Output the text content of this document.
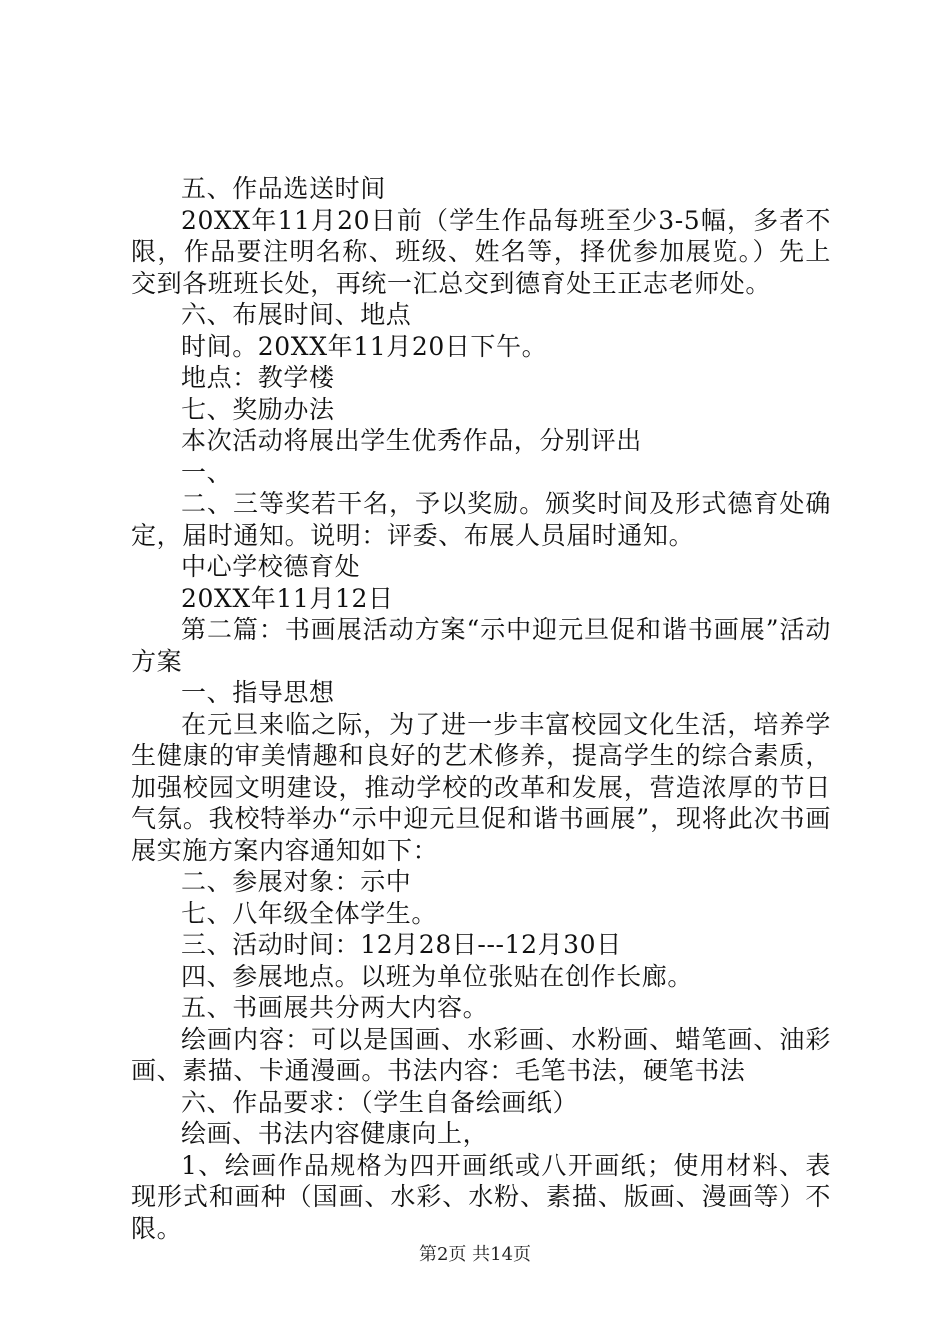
五、作品选送时间

20XX年11月20日前（学生作品每班至少3-5幅，多者不限，作品要注明名称、班级、姓名等，择优参加展览。）先上交到各班班长处，再统一汇总交到德育处王正志老师处。

六、布展时间、地点

时间。20XX年11月20日下午。

地点：教学楼

七、奖励办法

本次活动将展出学生优秀作品，分别评出

一、

二、三等奖若干名，予以奖励。颁奖时间及形式德育处确定，届时通知。说明：评委、布展人员届时通知。

中心学校德育处

20XX年11月12日

第二篇：书画展活动方案“示中迎元旦促和谐书画展”活动方案

一、指导思想

在元旦来临之际，为了进一步丰富校园文化生活，培养学生健康的审美情趣和良好的艺术修养，提高学生的综合素质，加强校园文明建设，推动学校的改革和发展，营造浓厚的节日气氛。我校特举办“示中迎元旦促和谐书画展”，现将此次书画展实施方案内容通知如下：

二、参展对象：示中

七、八年级全体学生。

三、活动时间：12月28日---12月30日

四、参展地点。以班为单位张贴在创作长廊。

五、书画展共分两大内容。

绘画内容：可以是国画、水彩画、水粉画、蜡笔画、油彩画、素描、卡通漫画。书法内容：毛笔书法，硬笔书法

六、作品要求：（学生自备绘画纸）

绘画、书法内容健康向上，

1、绘画作品规格为四开画纸或八开画纸；使用材料、表现形式和画种（国画、水彩、水粉、素描、版画、漫画等）不限。

第2页 共14页
